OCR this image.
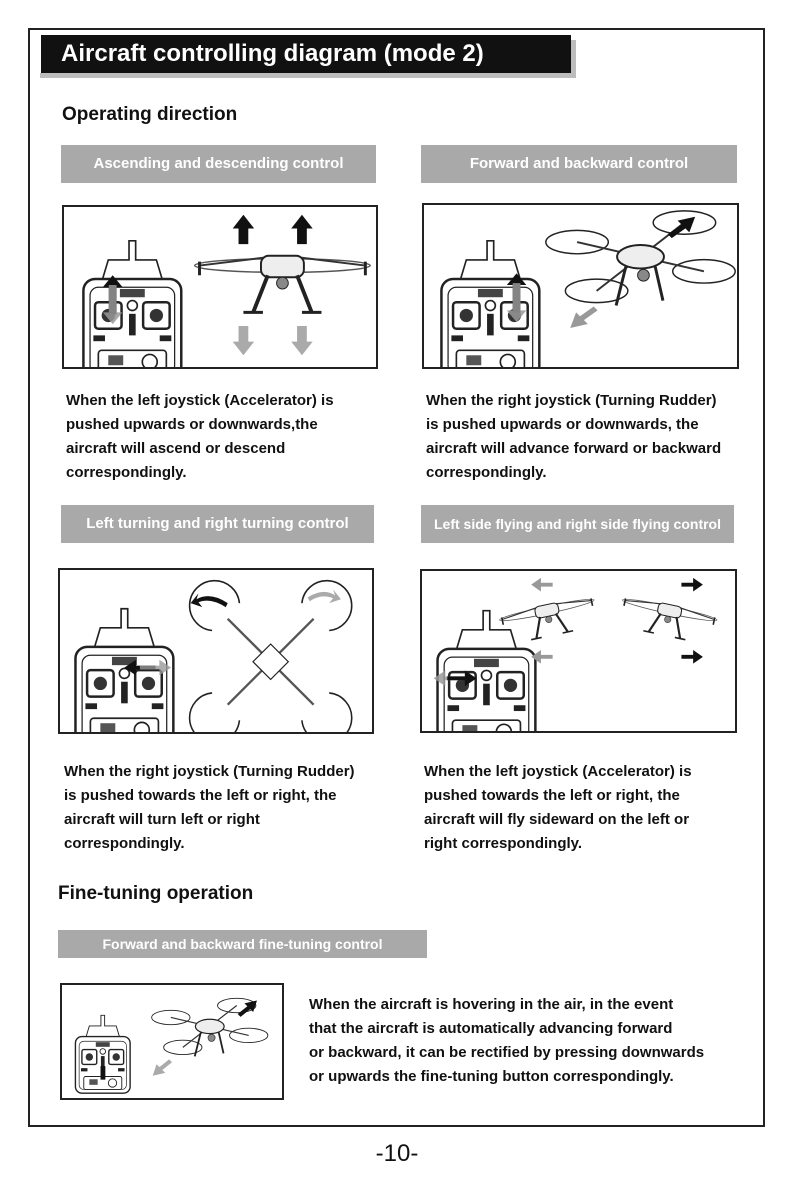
Aircraft controlling diagram (mode 2)
Operating direction
Ascending and descending control
When the left joystick (Accelerator) is
pushed upwards or downwards,the
aircraft will ascend or descend
correspondingly.
Forward and backward control
When the right joystick (Turning Rudder)
is pushed upwards or downwards, the
aircraft will advance forward or backward
correspondingly.
Left turning and right turning control
When the right joystick (Turning Rudder)
is pushed towards the left or right, the
aircraft will turn left or right
correspondingly.
Left side flying and right side flying control
When the left joystick (Accelerator) is
pushed towards the left or right, the
aircraft will fly sideward on the left or
right correspondingly.
Fine-tuning operation
Forward and backward fine-tuning control
When the aircraft is hovering in the air, in the event
that the aircraft is automatically advancing forward
or backward, it can be rectified by pressing downwards
or upwards the fine-tuning button correspondingly.
-10-
